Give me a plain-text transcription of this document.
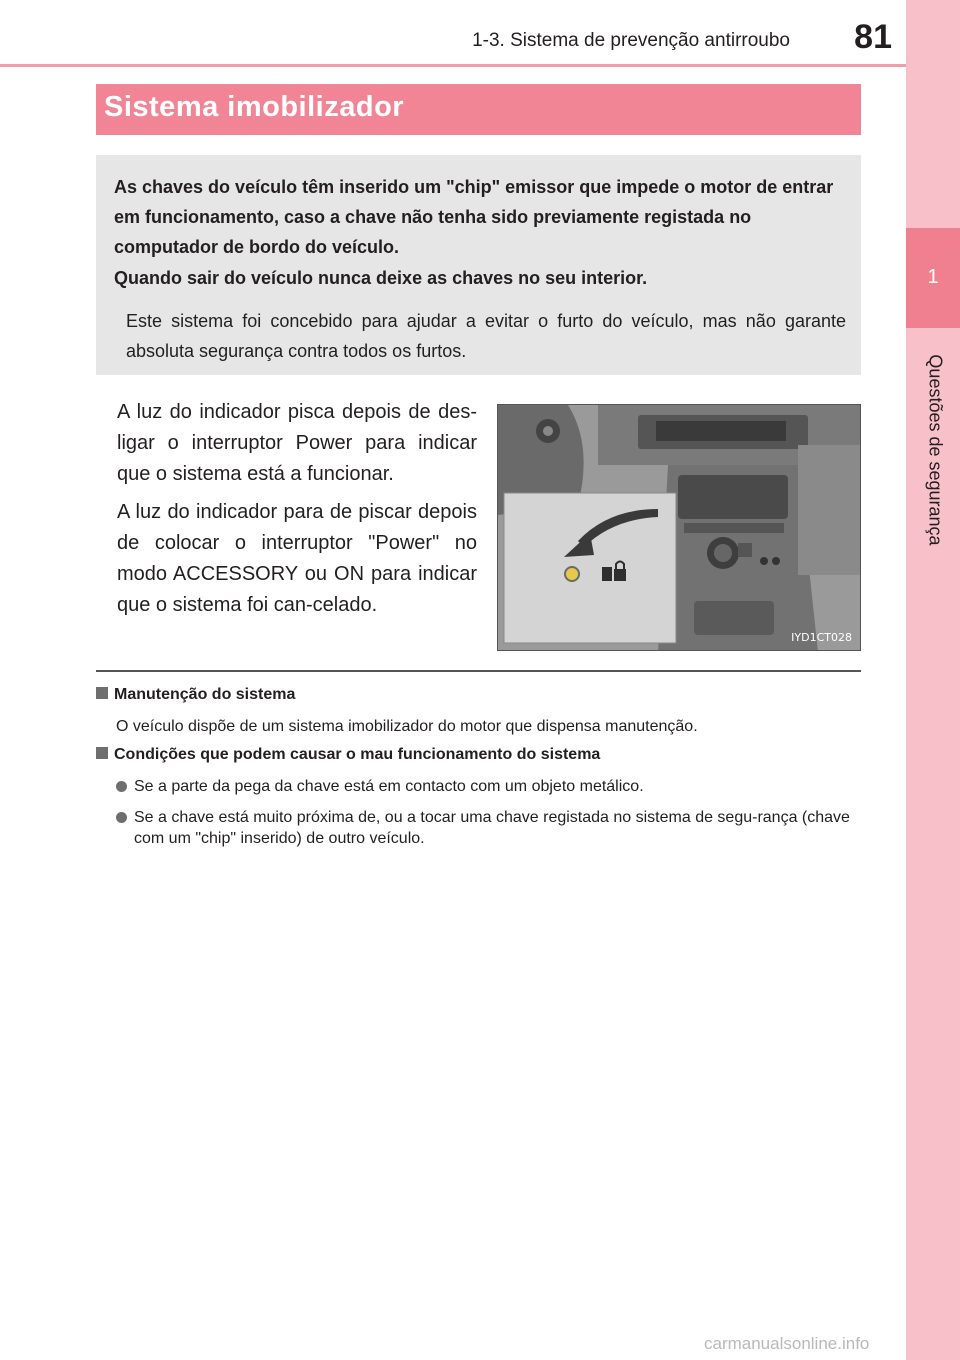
1-3. Sistema de prevenção antirroubo	81
1
Questões de segurança
Sistema imobilizador
As chaves do veículo têm inserido um "chip" emissor que impede o motor de entrar em funcionamento, caso a chave não tenha sido previamente registada no computador de bordo do veículo.
Quando sair do veículo nunca deixe as chaves no seu interior.
Este sistema foi concebido para ajudar a evitar o furto do veículo, mas não garante absoluta segurança contra todos os furtos.
A luz do indicador pisca depois de des-ligar o interruptor Power para indicar que o sistema está a funcionar.
A luz do indicador para de piscar depois de colocar o interruptor "Power" no modo ACCESSORY ou ON para indicar que o sistema foi can-celado.
IYD1CT028
Manutenção do sistema
O veículo dispõe de um sistema imobilizador do motor que dispensa manutenção.
Condições que podem causar o mau funcionamento do sistema
Se a parte da pega da chave está em contacto com um objeto metálico.
Se a chave está muito próxima de, ou a tocar uma chave registada no sistema de segu-rança (chave com um "chip" inserido) de outro veículo.
carmanualsonline.info
